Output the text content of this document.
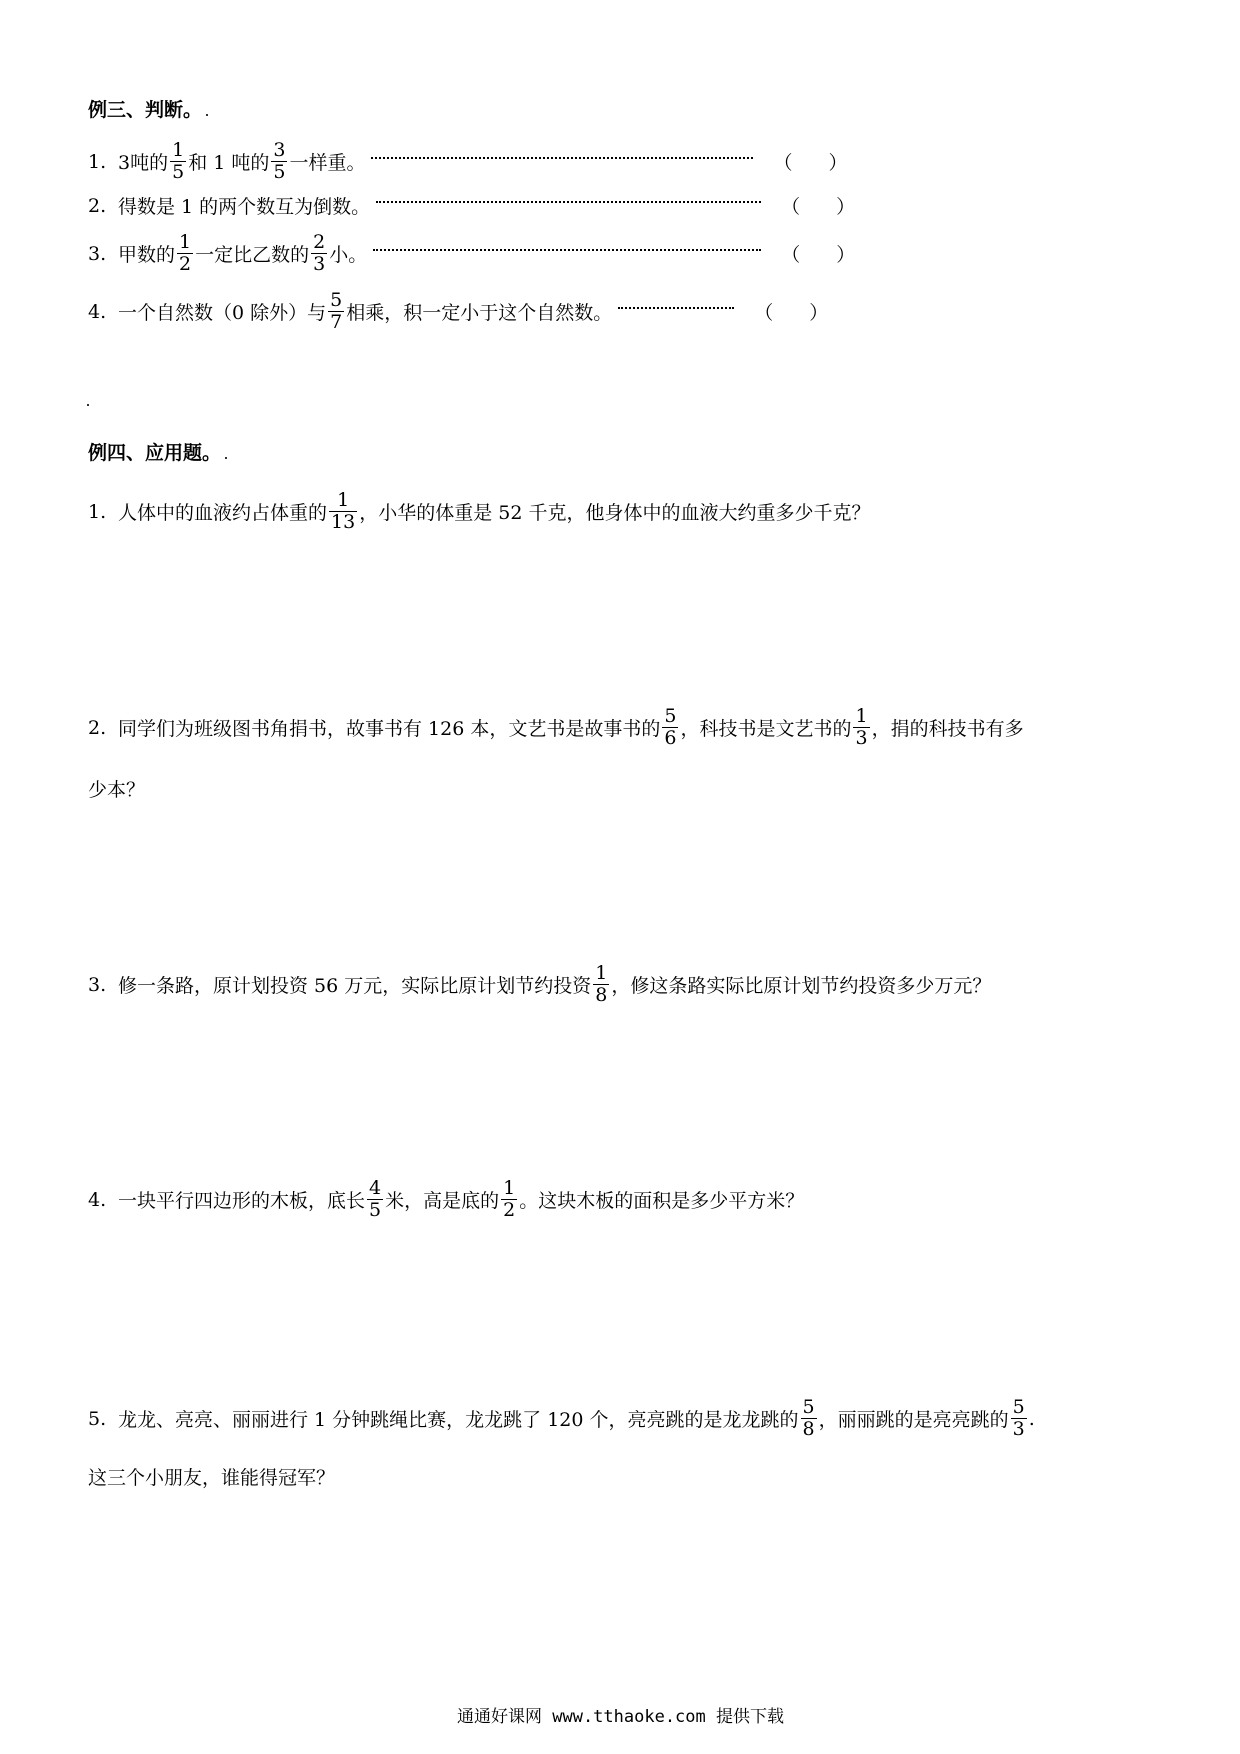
例三、判断。
1. 3吨的 $\frac{1}{5}$ 和 1 吨的 $\frac{3}{5}$ 一样重。	（ ）
2. 得数是 1 的两个数互为倒数。	（ ）
3. 甲数的 $\frac{1}{2}$ 一定比乙数的 $\frac{2}{3}$ 小。	（ ）
4. 一个自然数（0 除外）与 $\frac{5}{7}$ 相乘，积一定小于这个自然数。	（ ）
例四、应用题。
1. 人体中的血液约占体重的 $\frac{1}{13}$ ，小华的体重是 52 千克，他身体中的血液大约重多少千克？
2. 同学们为班级图书角捐书，故事书有 126 本，文艺书是故事书的 $\frac{5}{6}$ ，科技书是文艺书的 $\frac{1}{3}$ ，捐的科技书有多
少本？
3. 修一条路，原计划投资 56 万元，实际比原计划节约投资 $\frac{1}{8}$ ，修这条路实际比原计划节约投资多少万元？
4. 一块平行四边形的木板，底长 $\frac{4}{5}$ 米，高是底的 $\frac{1}{2}$ 。这块木板的面积是多少平方米？
5. 龙龙、亮亮、丽丽进行 1 分钟跳绳比赛，龙龙跳了 120 个，亮亮跳的是龙龙跳的 $\frac{5}{8}$ ，丽丽跳的是亮亮跳的 $\frac{5}{3}$ .
这三个小朋友，谁能得冠军？
通通好课网 www.tthaoke.com 提供下载
